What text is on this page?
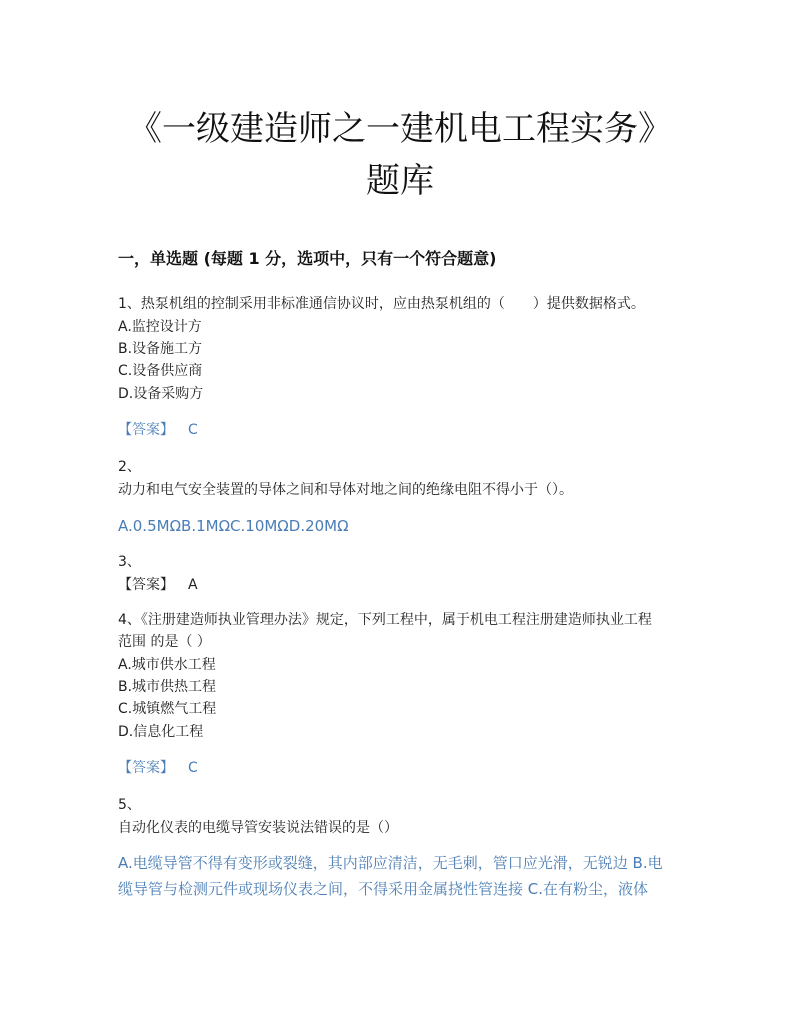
《一级建造师之一建机电工程实务》
题库
一，单选题 (每题 1 分，选项中，只有一个符合题意)
1、热泵机组的控制采用非标准通信协议时，应由热泵机组的（　　）提供数据格式。
A.监控设计方
B.设备施工方
C.设备供应商
D.设备采购方
【答案】 C
2、
动力和电气安全装置的导体之间和导体对地之间的绝缘电阻不得小于（）。
A.0.5MΩB.1MΩC.10MΩD.20MΩ
3、
【答案】 A
4、《注册建造师执业管理办法》规定，下列工程中，属于机电工程注册建造师执业工程
范围 的是（ ）
A.城市供水工程
B.城市供热工程
C.城镇燃气工程
D.信息化工程
【答案】 C
5、
自动化仪表的电缆导管安装说法错误的是（）
A.电缆导管不得有变形或裂缝，其内部应清洁，无毛刺，管口应光滑，无锐边 B.电
缆导管与检测元件或现场仪表之间，不得采用金属挠性管连接 C.在有粉尘，液体
